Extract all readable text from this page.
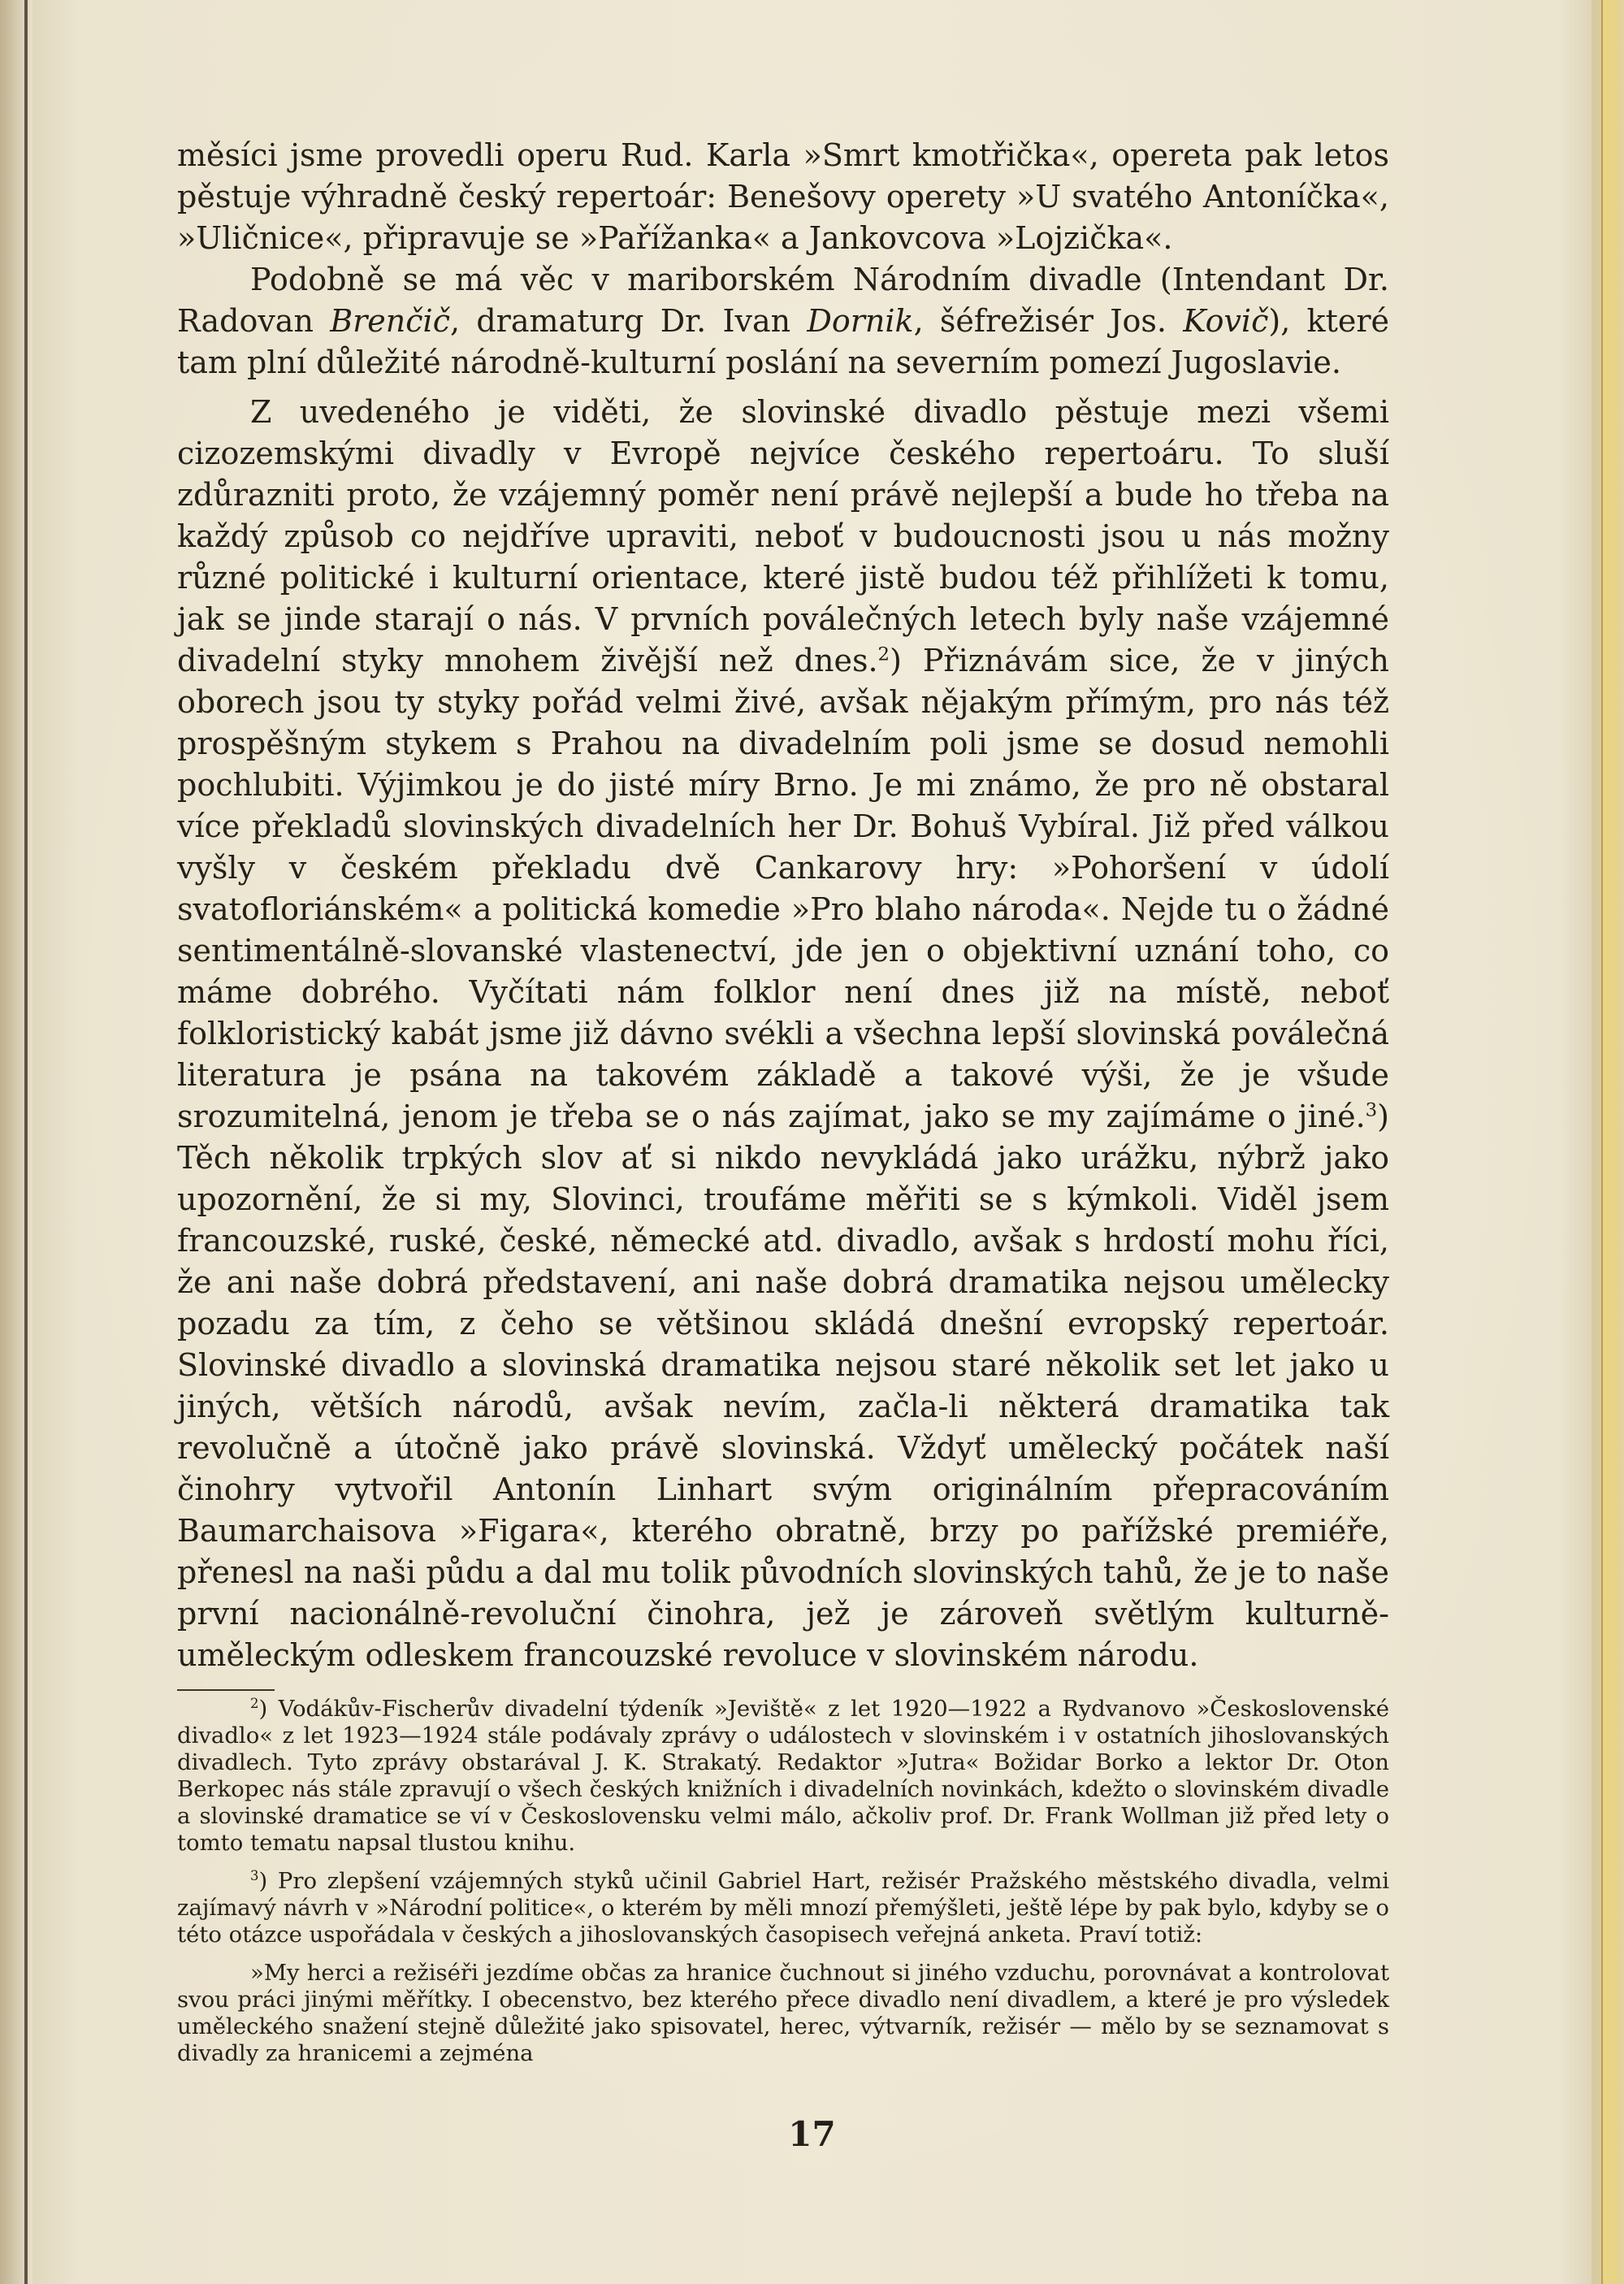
měsíci jsme provedli operu Rud. Karla »Smrt kmotřička«, opereta pak letos pěstuje výhradně český repertoár: Benešovy operety »U svatého Antoníčka«, »Uličnice«, připravuje se »Pařížanka« a Jankovcova »Lojzička«.

Podobně se má věc v mariborském Národním divadle (Intendant Dr. Radovan Brenčič, dramaturg Dr. Ivan Dornik, šéfrežisér Jos. Kovič), které tam plní důležité národně-kulturní poslání na severním pomezí Jugoslavie.

Z uvedeného je viděti, že slovinské divadlo pěstuje mezi všemi cizozemskými divadly v Evropě nejvíce českého repertoáru. To sluší zdůrazniti proto, že vzájemný poměr není právě nejlepší a bude ho třeba na každý způsob co nejdříve upraviti, neboť v budoucnosti jsou u nás možny různé politické i kulturní orientace, které jistě budou též přihlížeti k tomu, jak se jinde starají o nás. V prvních poválečných letech byly naše vzájemné divadelní styky mnohem živější než dnes.$^2$) Přiznávám sice, že v jiných oborech jsou ty styky pořád velmi živé, avšak nějakým přímým, pro nás též prospěšným stykem s Prahou na divadelním poli jsme se dosud nemohli pochlubiti. Výjimkou je do jisté míry Brno. Je mi známo, že pro ně obstaral více překladů slovinských divadelních her Dr. Bohuš Vybíral. Již před válkou vyšly v českém překladu dvě Cankarovy hry: »Pohoršení v údolí svatofloriánském« a politická komedie »Pro blaho národa«. Nejde tu o žádné sentimentálně-slovanské vlastenectví, jde jen o objektivní uznání toho, co máme dobrého. Vyčítati nám folklor není dnes již na místě, neboť folkloristický kabát jsme již dávno svékli a všechna lepší slovinská poválečná literatura je psána na takovém základě a takové výši, že je všude srozumitelná, jenom je třeba se o nás zajímat, jako se my zajímáme o jiné.$^3$) Těch několik trpkých slov ať si nikdo nevykládá jako urážku, nýbrž jako upozornění, že si my, Slovinci, troufáme měřiti se s kýmkoli. Viděl jsem francouzské, ruské, české, německé atd. divadlo, avšak s hrdostí mohu říci, že ani naše dobrá představení, ani naše dobrá dramatika nejsou umělecky pozadu za tím, z čeho se většinou skládá dnešní evropský repertoár. Slovinské divadlo a slovinská dramatika nejsou staré několik set let jako u jiných, větších národů, avšak nevím, začla-li některá dramatika tak revolučně a útočně jako právě slovinská. Vždyť umělecký počátek naší činohry vytvořil Antonín Linhart svým originálním přepracováním Baumarchaisova »Figara«, kterého obratně, brzy po pařížské premiéře, přenesl na naši půdu a dal mu tolik původních slovinských tahů, že je to naše první nacionálně-revoluční činohra, jež je zároveň světlým kulturně-uměleckým odleskem francouzské revoluce v slovinském národu.

$^2$) Vodákův-Fischerův divadelní týdeník »Jeviště« z let 1920—1922 a Rydvanovo »Československé divadlo« z let 1923—1924 stále podávaly zprávy o událostech v slovinském i v ostatních jihoslovanských divadlech. Tyto zprávy obstarával J. K. Strakatý. Redaktor »Jutra« Božidar Borko a lektor Dr. Oton Berkopec nás stále zpravují o všech českých knižních i divadelních novinkách, kdežto o slovinském divadle a slovinské dramatice se ví v Československu velmi málo, ačkoliv prof. Dr. Frank Wollman již před lety o tomto tematu napsal tlustou knihu.

$^3$) Pro zlepšení vzájemných styků učinil Gabriel Hart, režisér Pražského městského divadla, velmi zajímavý návrh v »Národní politice«, o kterém by měli mnozí přemýšleti, ještě lépe by pak bylo, kdyby se o této otázce uspořádala v českých a jihoslovanských časopisech veřejná anketa. Praví totiž:

»My herci a režiséři jezdíme občas za hranice čuchnout si jiného vzduchu, porovnávat a kontrolovat svou práci jinými měřítky. I obecenstvo, bez kterého přece divadlo není divadlem, a které je pro výsledek uměleckého snažení stejně důležité jako spisovatel, herec, výtvarník, režisér — mělo by se seznamovat s divadly za hranicemi a zejména

17
